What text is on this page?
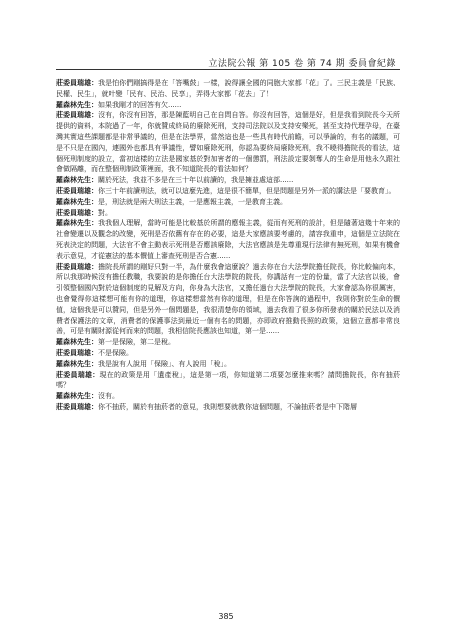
立法院公報 第 105 卷 第 74 期 委員會紀錄

莊委員瑞雄：我是怕你們剛搞得是在「答嘴鼓」一樣，說得讓全國的同胞大家都「花」了。三民主義是「民族、民權、民生」，就叶變「民有、民治、民享」，弄得大家都「花去」了！

羅森林先生：如果我剛才的回答有欠......

莊委員瑞雄：沒有，你沒有回答，那是陳藍明自己在自問自答。你沒有回答，這個是好，但是我看到院長今天所提供的資料，本院過了一年，你就贊成終局的廢除死刑，支持司法院以及支持安樂死，甚至支持代理孕母，在臺灣其實這些課題都是非常爭議的，但是在法學界，當然這也是一些具有時代前瞻，可以爭論的，有名的議題，可是不只是在國內，連國外也都具有爭議性，譬如廢除死刑，你認為要終局廢除死刑，我不曉得擔院長的看法，這個死刑制度的設立，當初這樣的立法是國家基於對加害者的一個懲罰，刑法設定要剝奪人的生命是用他永久跟社會做隔離，而在整個刑制政策裡面，我不知道院長的看法如何？

羅森林先生：關於死法，我並不多是在三十年以前讀的，我是擁並處這部......

莊委員瑞雄：你三十年前讀刑法，就可以這麼先進，這是很不簡單，但是問題是另外一派的講法是「要教育」。

羅森林先生：是，刑法就是兩大刑法主義，一是應報主義，一是教育主義。

莊委員瑞雄：對。

羅森林先生：我我個人理解，當時可能是比較基於所謂的應報主義，從而有死刑的設計，但是隨著這幾十年來的社會變遷以及觀念的改變，死刑是否依舊有存在的必要，這是大家應該要考慮的，請容我重申，這個是立法院在死表決定的問題，大法官不會主動表示死刑是否應該廢除，大法官應該是先尊重現行法律有無死刑，如果有機會表示意見，才從憲法的基本價值上審查死刑是否合憲......

莊委員瑞雄：擔院長所謂的剛好只對一半，為什麼我會這麼說？過去你在台大法學院擔任院長，你比較偏向本，所以我那時候沒有擔任教職，我要說的是你擔任台大法學院的院長，你講話有一定的份量，當了大法官以後，會引領整個國內對於這個制度的見解及方向，你身為大法官，又擔任過台大法學院的院長，大家會認為你很厲害，也會覺得你這樣想可能有你的道理，你這樣想當然有你的道理，但是在你答詢的過程中，我則你對於生命的價值，這個我是可以贊同，但是另外一個問題是，我很清楚你的領域，過去我看了很多你所發表的關於民法以及消費者保護法的文章，消費者的保護事法到最近一個有名的問題，亦即政府推動長照的政策，這個立意都非常良善，可是有關財源從何而來的問題，我相信院長應該也知道，第一是......

羅森林先生：第一是保險，第二是稅。

莊委員瑞雄：不是保險。

羅森林先生：我是說有人說用「保險」、有人說用「稅」。

莊委員瑞雄：現在的政策是用「遺產稅」，這是第一項，你知道第二項要怎麼推來嗎？請問擔院長，你有抽菸嗎？

羅森林先生：沒有。

莊委員瑞雄：你不抽菸，關於有抽菸者的意見，我則想要就教你這個問題，不論抽菸者是中下階層

385
